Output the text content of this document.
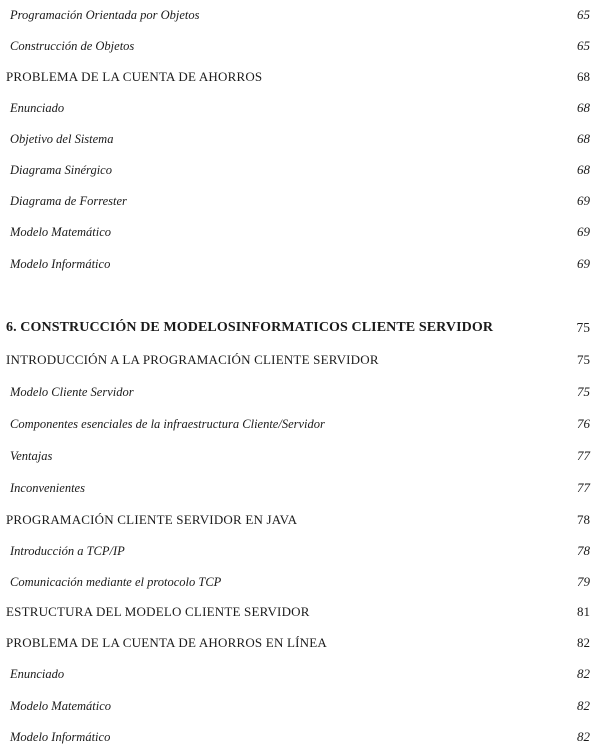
Programación Orientada por Objetos	65
Construcción de Objetos	65
PROBLEMA DE LA CUENTA DE AHORROS	68
Enunciado	68
Objetivo del Sistema	68
Diagrama Sinérgico	68
Diagrama de Forrester	69
Modelo Matemático	69
Modelo Informático	69
6. CONSTRUCCIÓN DE MODELOSINFORMATICOS CLIENTE SERVIDOR	75
INTRODUCCIÓN A LA PROGRAMACIÓN CLIENTE SERVIDOR	75
Modelo Cliente Servidor	75
Componentes esenciales de la infraestructura Cliente/Servidor	76
Ventajas	77
Inconvenientes	77
PROGRAMACIÓN CLIENTE SERVIDOR EN JAVA	78
Introducción a TCP/IP	78
Comunicación mediante el protocolo TCP	79
ESTRUCTURA DEL MODELO CLIENTE SERVIDOR	81
PROBLEMA DE LA CUENTA DE AHORROS EN LÍNEA	82
Enunciado	82
Modelo Matemático	82
Modelo Informático	82
